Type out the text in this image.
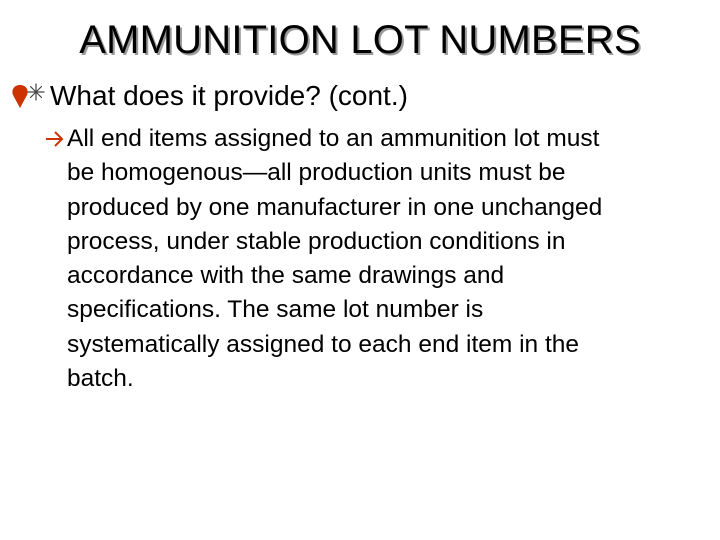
AMMUNITION LOT NUMBERS
What does it provide? (cont.)

All end items assigned to an ammunition lot must
be homogenous—all production units must be
produced by one manufacturer in one unchanged
process, under stable production conditions in
accordance with the same drawings and
specifications. The same lot number is
systematically assigned to each end item in the
batch.
